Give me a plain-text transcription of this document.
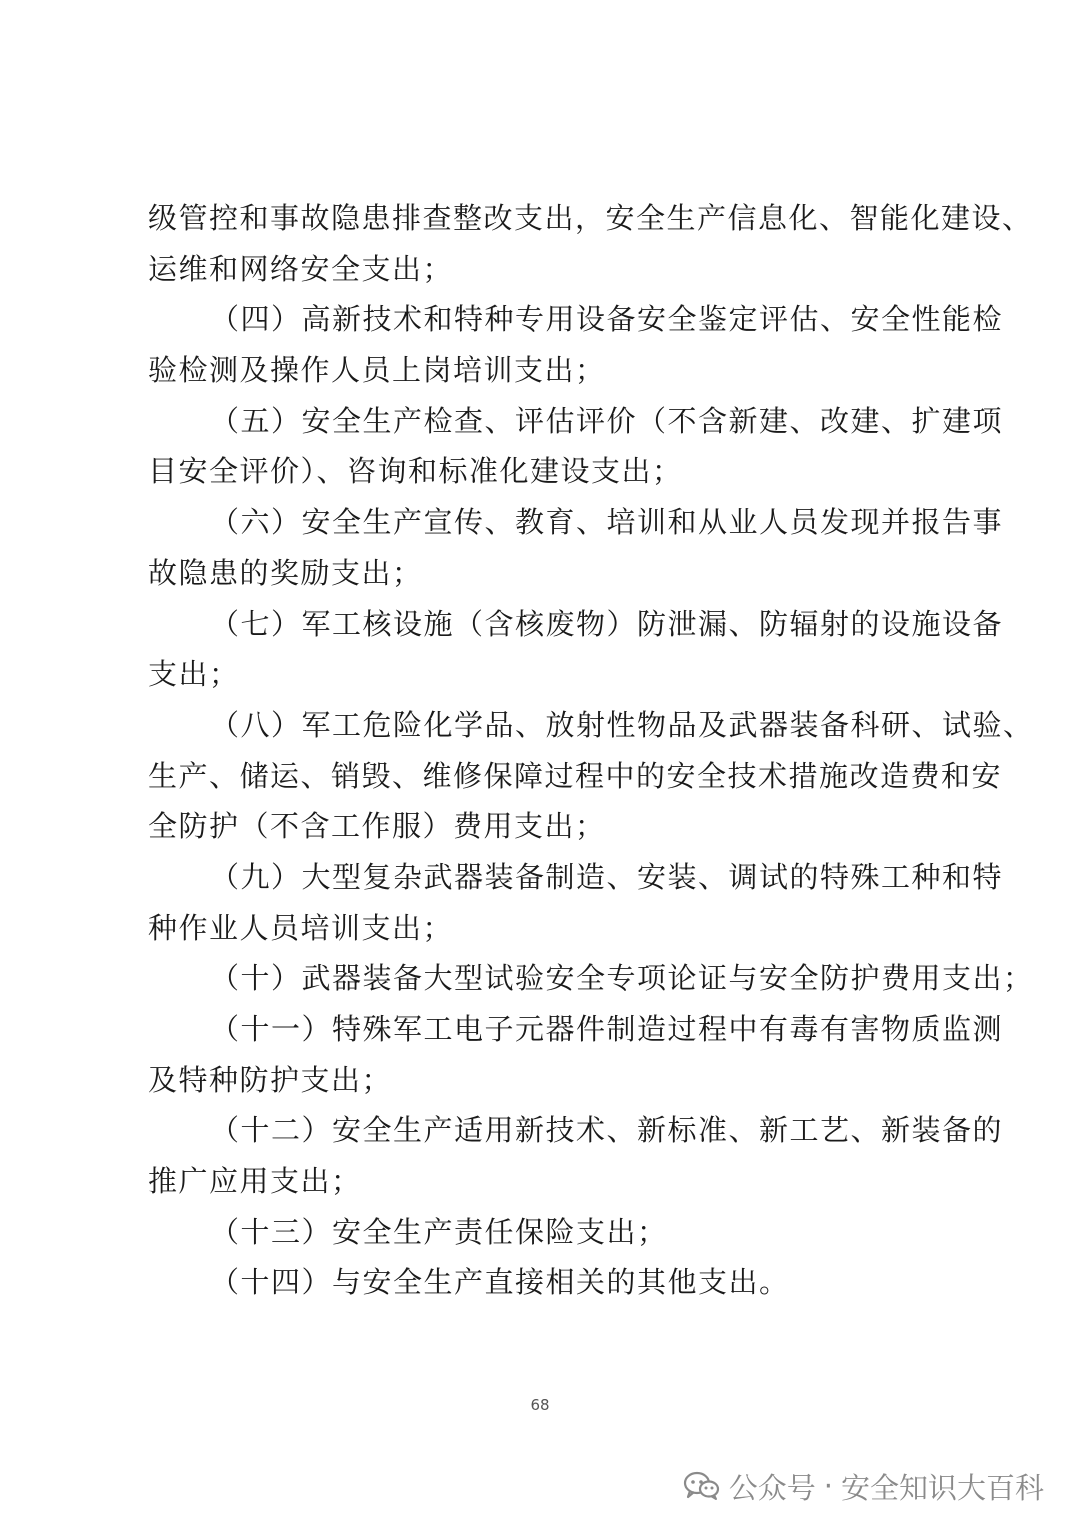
级管控和事故隐患排查整改支出，安全生产信息化、智能化建设、
运维和网络安全支出；
（四）高新技术和特种专用设备安全鉴定评估、安全性能检
验检测及操作人员上岗培训支出；
（五）安全生产检查、评估评价（不含新建、改建、扩建项
目安全评价）、咨询和标准化建设支出；
（六）安全生产宣传、教育、培训和从业人员发现并报告事
故隐患的奖励支出；
（七）军工核设施（含核废物）防泄漏、防辐射的设施设备
支出；
（八）军工危险化学品、放射性物品及武器装备科研、试验、
生产、储运、销毁、维修保障过程中的安全技术措施改造费和安
全防护（不含工作服）费用支出；
（九）大型复杂武器装备制造、安装、调试的特殊工种和特
种作业人员培训支出；
（十）武器装备大型试验安全专项论证与安全防护费用支出；
（十一）特殊军工电子元器件制造过程中有毒有害物质监测
及特种防护支出；
（十二）安全生产适用新技术、新标准、新工艺、新装备的
推广应用支出；
（十三）安全生产责任保险支出；
（十四）与安全生产直接相关的其他支出。
68
公众号 · 安全知识大百科
